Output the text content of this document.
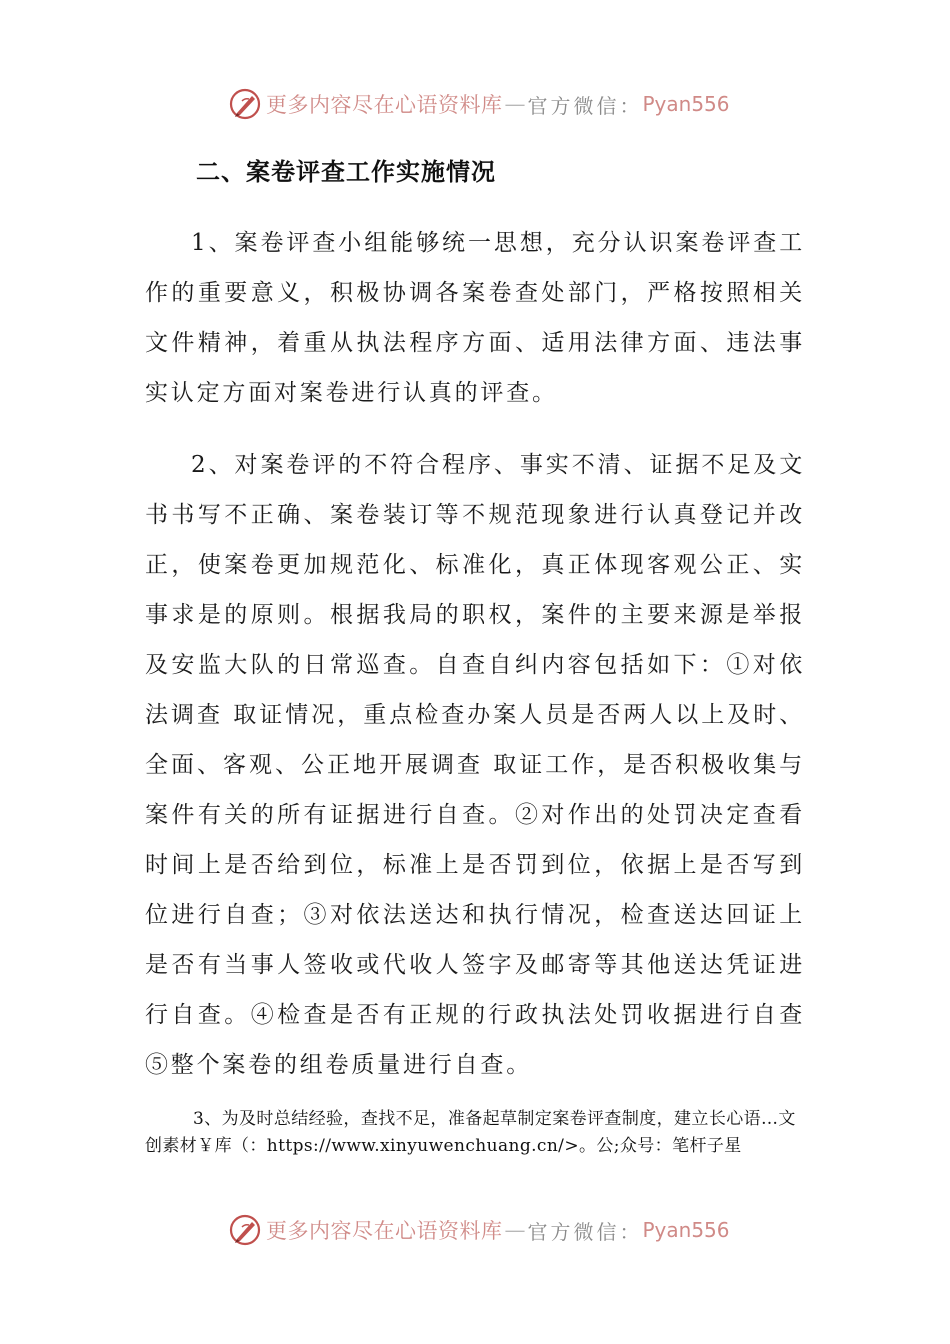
更多内容尽在心语资料库 — 官方微信： Pyan556
二、案卷评查工作实施情况

1、案卷评查小组能够统一思想，充分认识案卷评查工作的重要意义，积极协调各案卷查处部门，严格按照相关文件精神，着重从执法程序方面、适用法律方面、违法事实认定方面对案卷进行认真的评查。

2、对案卷评的不符合程序、事实不清、证据不足及文书书写不正确、案卷装订等不规范现象进行认真登记并改正，使案卷更加规范化、标准化，真正体现客观公正、实事求是的原则。根据我局的职权，案件的主要来源是举报及安监大队的日常巡查。自查自纠内容包括如下：①对依法调查 取证情况，重点检查办案人员是否两人以上及时、全面、客观、公正地开展调查 取证工作，是否积极收集与案件有关的所有证据进行自查。②对作出的处罚决定查看时间上是否给到位，标准上是否罚到位，依据上是否写到位进行自查；③对依法送达和执行情况，检查送达回证上是否有当事人签收或代收人签字及邮寄等其他送达凭证进行自查。④检查是否有正规的行政执法处罚收据进行自查⑤整个案卷的组卷质量进行自查。

3、为及时总结经验，查找不足，准备起草制定案卷评查制度，建立长心语…文创素材￥库（：https://www.xinyuwenchuang.cn/>。公;众号：笔杆子星

更多内容尽在心语资料库 — 官方微信： Pyan556
